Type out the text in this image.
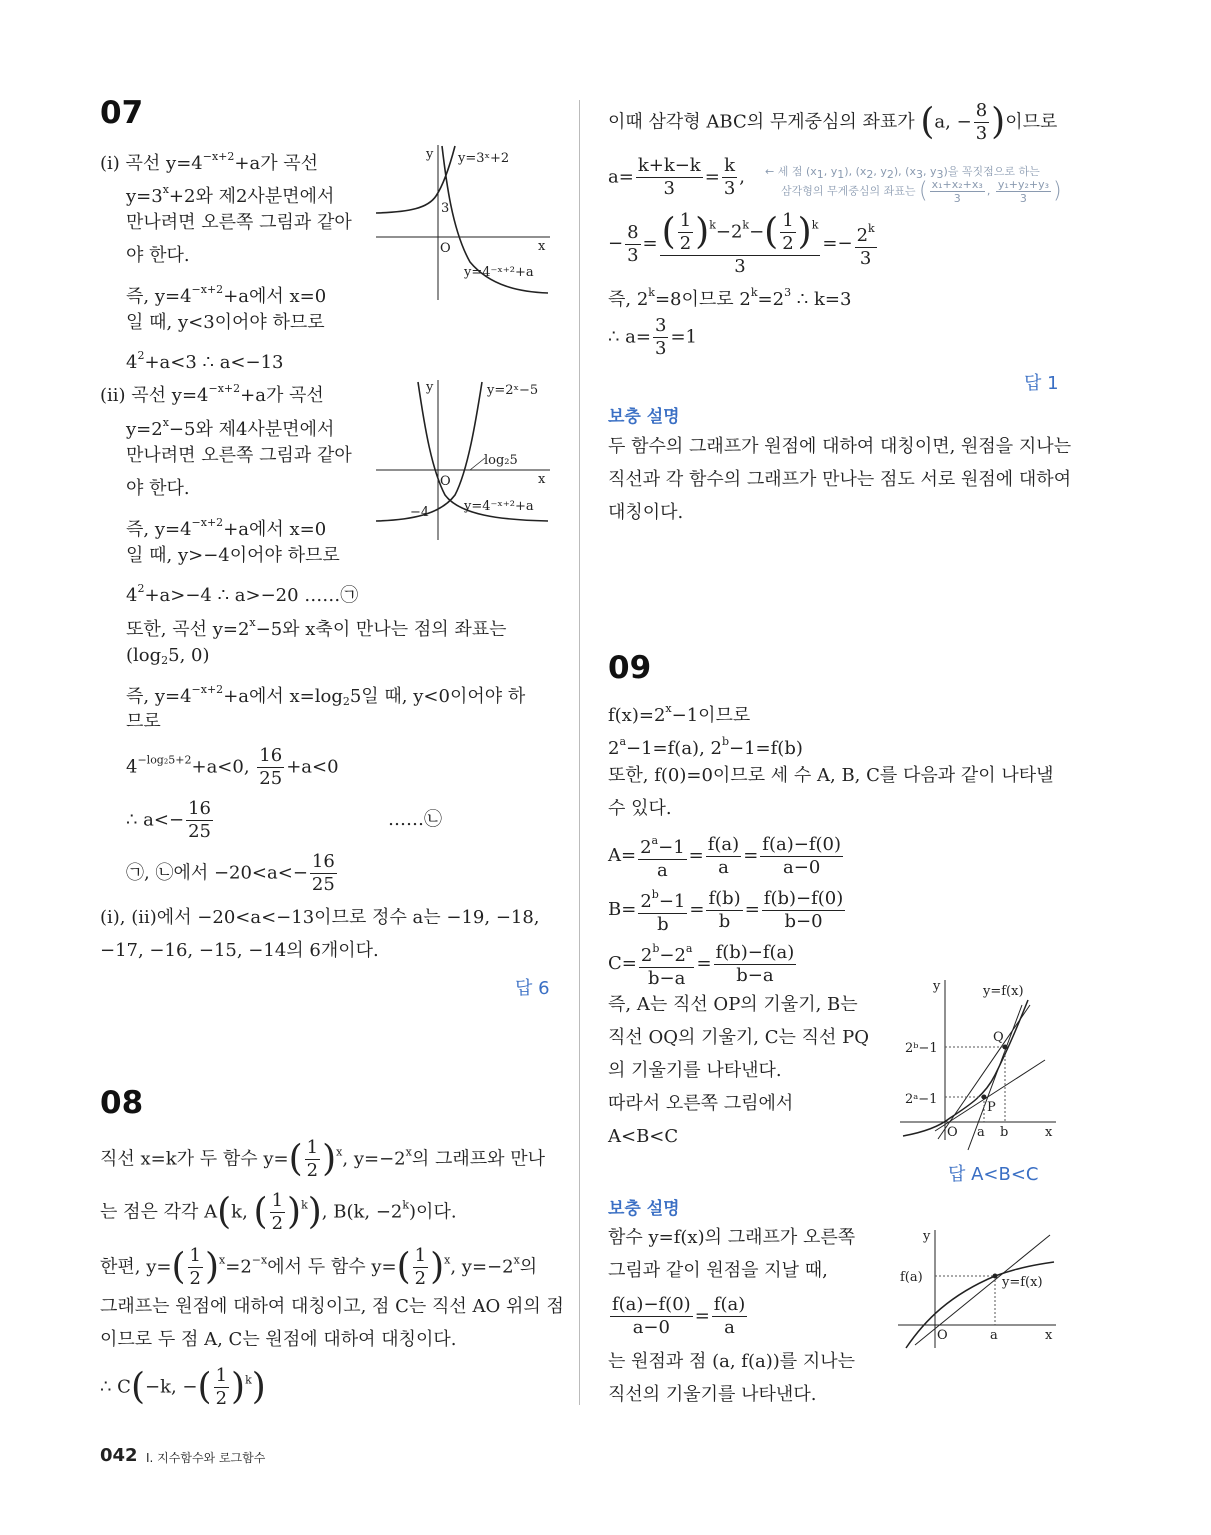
07
(i) 곡선 $y=4^{-x+2}+a$가 곡선
$y=3^x+2$와 제2사분면에서
만나려면 오른쪽 그림과 같아
야 한다.
즉, $y=4^{-x+2}+a$에서 x=0
일 때, y<3이어야 하므로
$4^2+a<3$ ∴ a<−13
(ii) 곡선 $y=4^{-x+2}+a$가 곡선
$y=2^x-5$와 제4사분면에서
만나려면 오른쪽 그림과 같아
야 한다.
즉, $y=4^{-x+2}+a$에서 x=0
일 때, y>−4이어야 하므로
$4^2+a>-4$ ∴ a>−20 ……㉠
또한, 곡선 $y=2^x-5$와 x축이 만나는 점의 좌표는
($\log_25$, 0)
즉, $y=4^{-x+2}+a$에서 $x=\log_25$일 때, y<0이어야 하
므로
$4^{-log_25+2}+a<0$, $\frac{16}{25} +a<0$
∴ $a<- \frac{16}{25}$	……㉡
㉠, ㉡에서 $-20<a<- \frac{16}{25}$
(i), (ii)에서 −20<a<−13이므로 정수 a는 −19, −18,
−17, −16, −15, −14의 6개이다.
답 6
y y=3ˣ+2
3
O	x
y=4⁻ˣ⁺²+a
y	y=2ˣ−5
log₂5
O	x
−4	y=4⁻ˣ⁺²+a
08
직선 x=k가 두 함수 $y=( \frac{1}{2} )^x$, $y=-2^x$의 그래프와 만나
는 점은 각각 A(k, ( $\frac{1}{2} )^k$), B(k, $-2^k$)이다.
한편, $y=( \frac{1}{2} )^x=2^{-x}$에서 두 함수 $y=( \frac{1}{2} )^x$, $y=-2^x$의
그래프는 원점에 대하여 대칭이고, 점 C는 직선 AO 위의 점
이므로 두 점 A, C는 원점에 대하여 대칭이다.
∴ C(−k, −( $\frac{1}{2} )^k$)
이때 삼각형 ABC의 무게중심의 좌표가 (a, − $\frac{8}{3}$ )이므로
$a= \frac{k+k-k}{3} = \frac{k}{3}$ , ← 세 점 ($x_1$, $y_1$), ($x_2$, $y_2$), ($x_3$, $y_3$)을 꼭짓점으로 하는
삼각형의 무게중심의 좌표는 ( $\frac{\text{x₁+x₂+x₃}}{3}$ , $\frac{\text{y₁+y₂+y₃}}{3}$ )
− $\frac{8}{3} = \frac{( \frac{1}{2} )^k-2^k-( \frac{1}{2} )^k}{3} =- \frac{2^k}{3}$
즉, $2^k=8$이므로 $2^k=2^3$ ∴ k=3
∴ $a= \frac{3}{3} =1$
답 1
보충 설명
두 함수의 그래프가 원점에 대하여 대칭이면, 원점을 지나는
직선과 각 함수의 그래프가 만나는 점도 서로 원점에 대하여
대칭이다.
09
$f(x)=2^x-1$이므로
$2^a-1=f(a)$, $2^b-1=f(b)$
또한, f(0)=0이므로 세 수 A, B, C를 다음과 같이 나타낼
수 있다.
$A= \frac{2^a-1}{a} = \frac{f(a)}{a} = \frac{f(a)-f(0)}{a-0}$
$B= \frac{2^b-1}{b} = \frac{f(b)}{b} = \frac{f(b)-f(0)}{b-0}$
$C= \frac{2^b-2^a}{b-a} = \frac{f(b)-f(a)}{b-a}$
즉, A는 직선 OP의 기울기, B는
직선 OQ의 기울기, C는 직선 PQ
의 기울기를 나타낸다.
따라서 오른쪽 그림에서
A<B<C
답 A<B<C
보충 설명
함수 y=f(x)의 그래프가 오른쪽
그림과 같이 원점을 지날 때,
$\frac{f(a)-f(0)}{a-0} = \frac{f(a)}{a}$
는 원점과 점 (a, f(a))를 지나는
직선의 기울기를 나타낸다.
y	y=f(x)
Q
2ᵇ−1
2ᵃ−1
P
O a b	x
y
f(a)	y=f(x)
O	a	x
042 I. 지수함수와 로그함수
